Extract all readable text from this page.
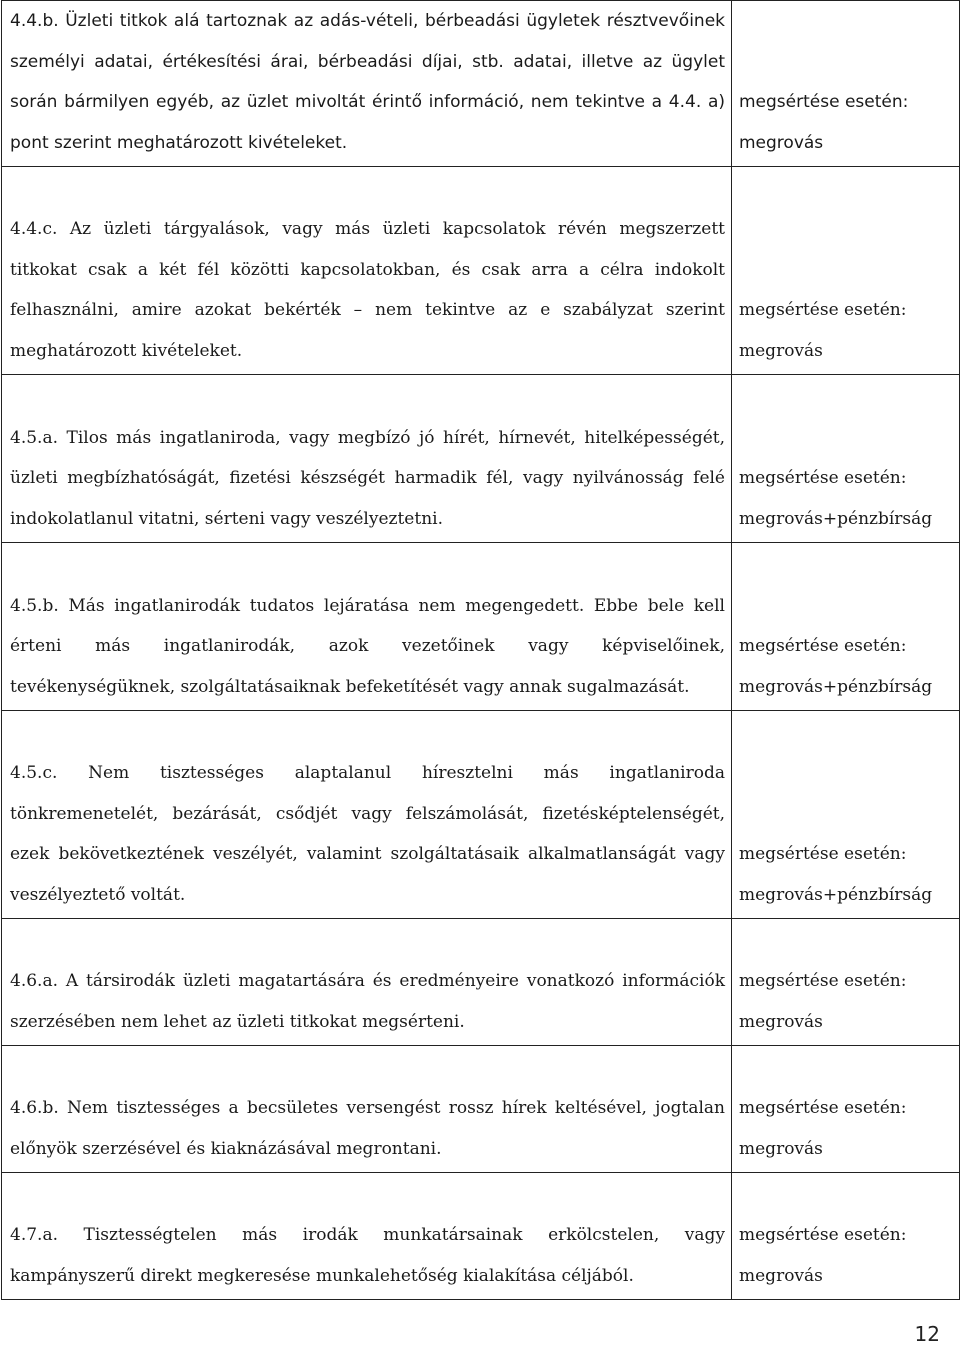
4.4.b. Üzleti titkok alá tartoznak az adás-vételi, bérbeadási ügyletek résztvevőinek személyi adatai, értékesítési árai, bérbeadási díjai, stb. adatai, illetve az ügylet során bármilyen egyéb, az üzlet mivoltát érintő információ, nem tekintve a 4.4. a) pont szerint meghatározott kivételeket.	megsértése esetén:
megrovás
4.4.c. Az üzleti tárgyalások, vagy más üzleti kapcsolatok révén megszerzett titkokat csak a két fél közötti kapcsolatokban, és csak arra a célra indokolt felhasználni, amire azokat bekérték – nem tekintve az e szabályzat szerint meghatározott kivételeket.	megsértése esetén:
megrovás
4.5.a. Tilos más ingatlaniroda, vagy megbízó jó hírét, hírnevét, hitelképességét, üzleti megbízhatóságát, fizetési készségét harmadik fél, vagy nyilvánosság felé indokolatlanul vitatni, sérteni vagy veszélyeztetni.	megsértése esetén:
megrovás+pénzbírság
4.5.b. Más ingatlanirodák tudatos lejáratása nem megengedett. Ebbe bele kell érteni más ingatlanirodák, azok vezetőinek vagy képviselőinek, tevékenységüknek, szolgáltatásaiknak befeketítését vagy annak sugalmazását.	megsértése esetén:
megrovás+pénzbírság
4.5.c. Nem tisztességes alaptalanul híresztelni más ingatlaniroda tönkremenetelét, bezárását, csődjét vagy felszámolását, fizetésképtelenségét, ezek bekövetkeztének veszélyét, valamint szolgáltatásaik alkalmatlanságát vagy veszélyeztető voltát.	megsértése esetén:
megrovás+pénzbírság
4.6.a. A társirodák üzleti magatartására és eredményeire vonatkozó információk szerzésében nem lehet az üzleti titkokat megsérteni.	megsértése esetén:
megrovás
4.6.b. Nem tisztességes a becsületes versengést rossz hírek keltésével, jogtalan előnyök szerzésével és kiaknázásával megrontani.	megsértése esetén:
megrovás
4.7.a. Tisztességtelen más irodák munkatársainak erkölcstelen, vagy kampányszerű direkt megkeresése munkalehetőség kialakítása céljából.	megsértése esetén:
megrovás
12
